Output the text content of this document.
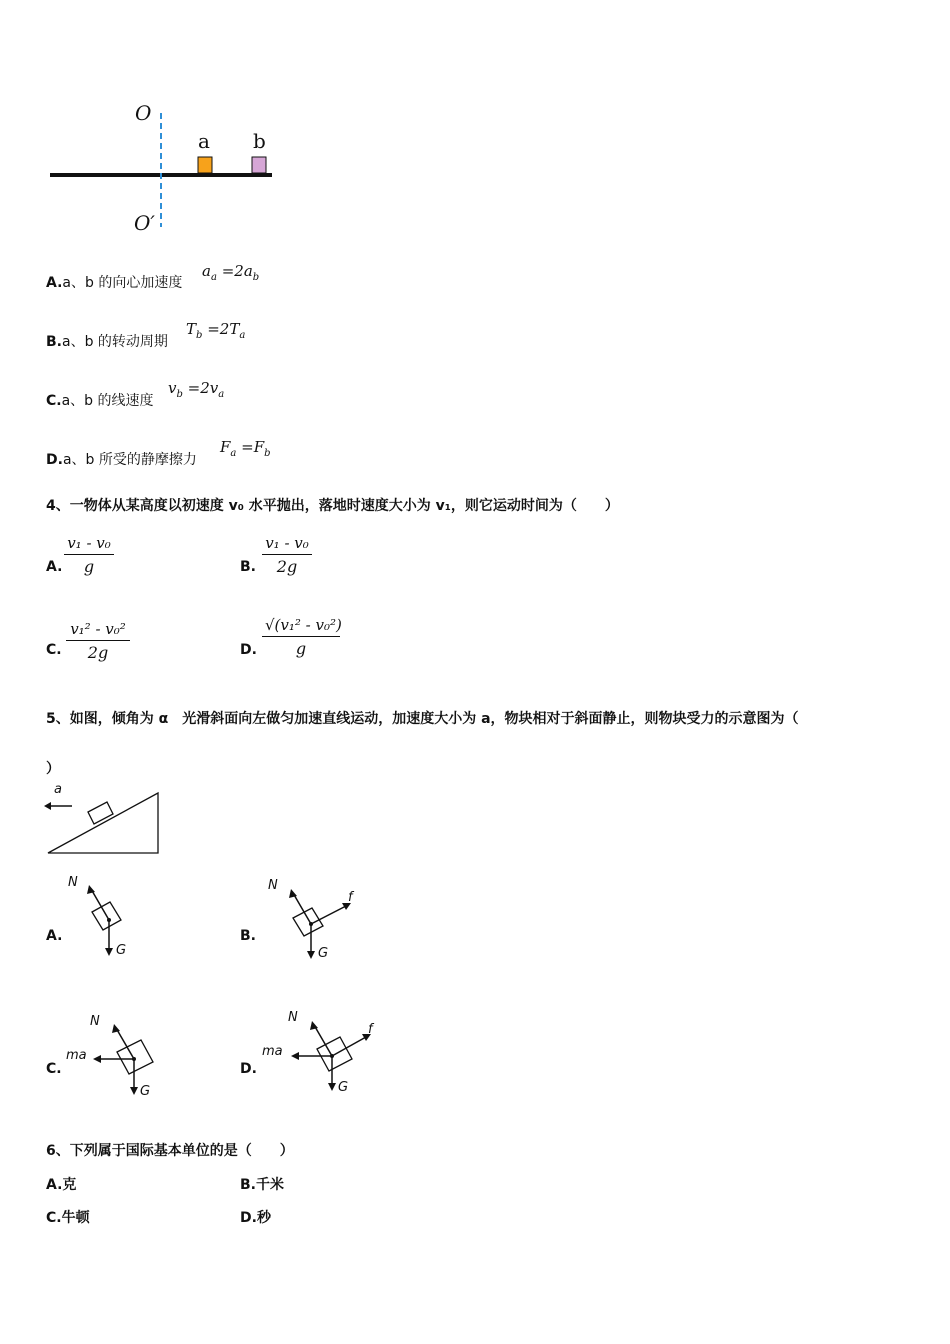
O
O′
a b
A.a、b 的向心加速度
$a_a =2a_b$
B.a、b 的转动周期
$T_b =2T_a$
C.a、b 的线速度
$v_b =2v_a$
D.a、b 所受的静摩擦力
$F_a =F_b$
4、一物体从某高度以初速度 v₀ 水平抛出，落地时速度大小为 v₁，则它运动时间为（　　）
A. $\frac{\text{v₁ - v₀}}{g}$	B. $\frac{\text{v₁ - v₀}}{2g}$
C. $\frac{\text{v₁² - v₀²}}{2g}$	D. $\frac{\text{√(v₁² - v₀²)}}{g}$
5、如图，倾角为 α　光滑斜面向左做匀加速直线运动，加速度大小为 a，物块相对于斜面静止，则物块受力的示意图为（
）
a
A.
N
G
B.
N
f
G
C.
N
ma
G
D.
N
ma
f
G
6、下列属于国际基本单位的是（　　）
A.克	B.千米
C.牛顿	D.秒
